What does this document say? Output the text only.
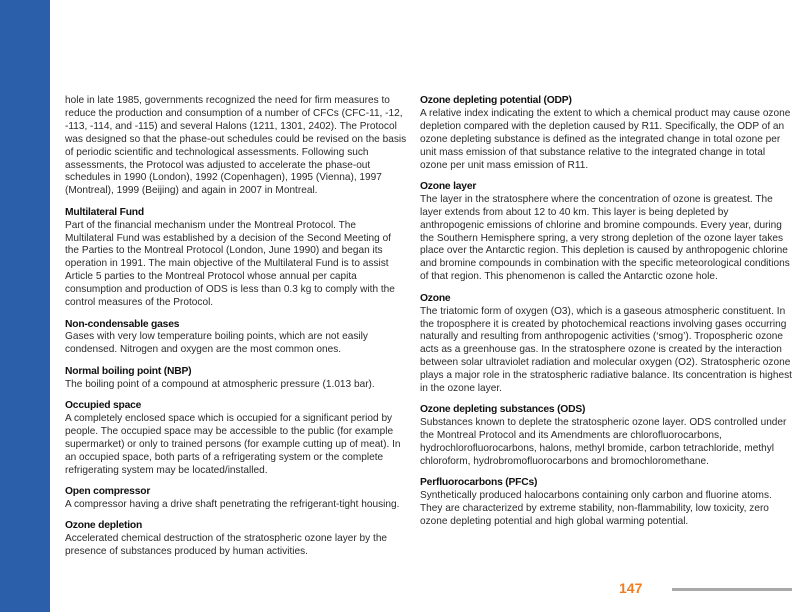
Glossary
hole in late 1985, governments recognized the need for firm measures to reduce the production and consumption of a number of CFCs (CFC-11, -12, -113, -114, and -115) and several Halons (1211, 1301, 2402). The Protocol was designed so that the phase-out schedules could be revised on the basis of periodic scientific and technological assessments. Following such assessments, the Protocol was adjusted to accelerate the phase-out schedules in 1990 (London), 1992 (Copenhagen), 1995 (Vienna), 1997 (Montreal), 1999 (Beijing) and again in 2007 in Montreal.
Multilateral Fund
Part of the financial mechanism under the Montreal Protocol. The Multilateral Fund was established by a decision of the Second Meeting of the Parties to the Montreal Protocol (London, June 1990) and began its operation in 1991. The main objective of the Multilateral Fund is to assist Article 5 parties to the Montreal Protocol whose annual per capita consumption and production of ODS is less than 0.3 kg to comply with the control measures of the Protocol.
Non-condensable gases
Gases with very low temperature boiling points, which are not easily condensed. Nitrogen and oxygen are the most common ones.
Normal boiling point (NBP)
The boiling point of a compound at atmospheric pressure (1.013 bar).
Occupied space
A completely enclosed space which is occupied for a significant period by people. The occupied space may be accessible to the public (for example supermarket) or only to trained persons (for example cutting up of meat). In an occupied space, both parts of a refrigerating system or the complete refrigerating system may be located/installed.
Open compressor
A compressor having a drive shaft penetrating the refrigerant-tight housing.
Ozone depletion
Accelerated chemical destruction of the stratospheric ozone layer by the presence of substances produced by human activities.
Ozone depleting potential (ODP)
A relative index indicating the extent to which a chemical product may cause ozone depletion compared with the depletion caused by R11. Specifically, the ODP of an ozone depleting substance is defined as the integrated change in total ozone per unit mass emission of that substance relative to the integrated change in total ozone per unit mass emission of R11.
Ozone layer
The layer in the stratosphere where the concentration of ozone is greatest. The layer extends from about 12 to 40 km. This layer is being depleted by anthropogenic emissions of chlorine and bromine compounds. Every year, during the Southern Hemisphere spring, a very strong depletion of the ozone layer takes place over the Antarctic region. This depletion is caused by anthropogenic chlorine and bromine compounds in combination with the specific meteorological conditions of that region. This phenomenon is called the Antarctic ozone hole.
Ozone
The triatomic form of oxygen (O3), which is a gaseous atmospheric constituent. In the troposphere it is created by photochemical reactions involving gases occurring naturally and resulting from anthropogenic activities (‘smog’). Tropospheric ozone acts as a greenhouse gas. In the stratosphere ozone is created by the interaction between solar ultraviolet radiation and molecular oxygen (O2). Stratospheric ozone plays a major role in the stratospheric radiative balance. Its concentration is highest in the ozone layer.
Ozone depleting substances (ODS)
Substances known to deplete the stratospheric ozone layer. ODS controlled under the Montreal Protocol and its Amendments are chlorofluorocarbons, hydrochlorofluorocarbons, halons, methyl bromide, carbon tetrachloride, methyl chloroform, hydrobromofluorocarbons and bromochloromethane.
Perfluorocarbons (PFCs)
Synthetically produced halocarbons containing only carbon and fluorine atoms. They are characterized by extreme stability, non-flammability, low toxicity, zero ozone depleting potential and high global warming potential.
147
